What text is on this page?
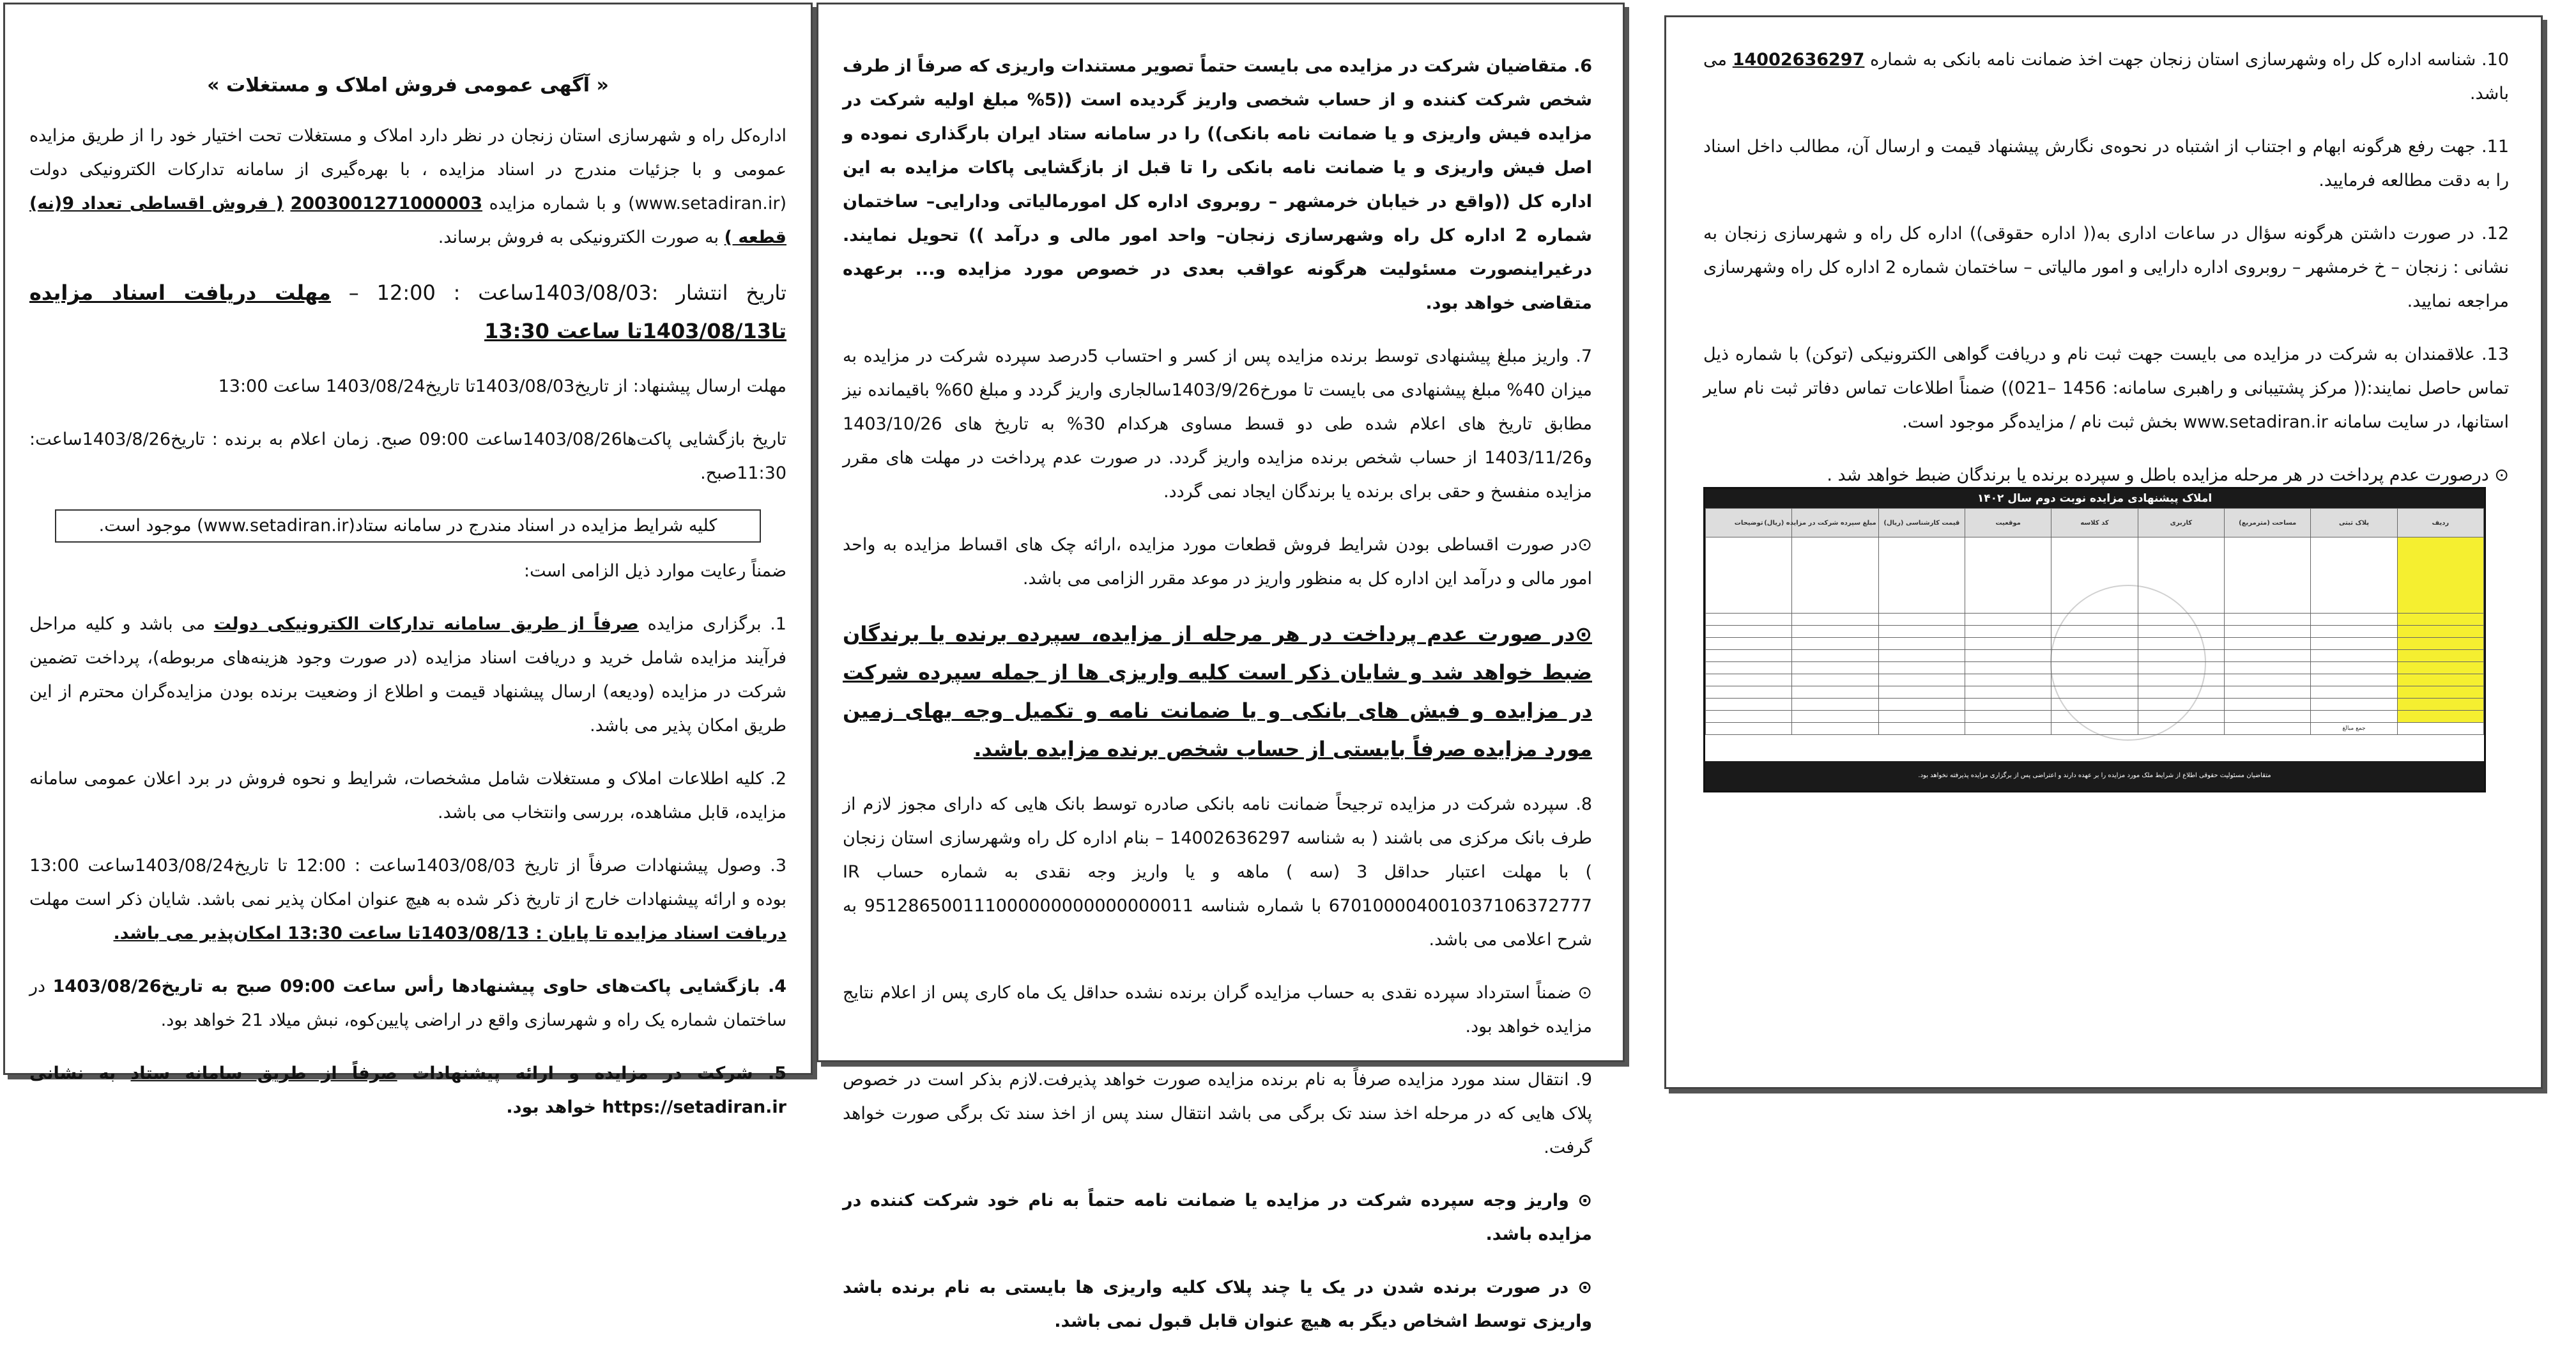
« آگهی عمومی فروش املاک و مستغلات »

اداره‌کل راه و شهرسازی استان زنجان در نظر دارد املاک و مستغلات تحت اختیار خود را از طریق مزایده عمومی و با جزئیات مندرج در اسناد مزایده ، با بهره‌گیری از سامانه تدارکات الکترونیکی دولت (www.setadiran.ir) و با شماره مزایده 2003001271000003 ( فروش اقساطی تعداد 9(نه) قطعه ) به صورت الکترونیکی به فروش برساند.

تاریخ انتشار :1403/08/03ساعت : 12:00 – مهلت دریافت اسناد مزایده تا1403/08/13تا ساعت 13:30

مهلت ارسال پیشنهاد: از تاریخ1403/08/03تا تاریخ1403/08/24 ساعت 13:00

تاریخ بازگشایی پاکت‌ها1403/08/26ساعت 09:00 صبح. زمان اعلام به برنده : تاریخ1403/8/26ساعت: 11:30صبح.

کلیه شرایط مزایده در اسناد مندرج در سامانه ستاد(www.setadiran.ir) موجود است.

ضمناً رعایت موارد ذیل الزامی است:

1. برگزاری مزایده صرفاً از طریق سامانه تدارکات الکترونیکی دولت می باشد و کلیه مراحل فرآیند مزایده شامل خرید و دریافت اسناد مزایده (در صورت وجود هزینه‌های مربوطه)، پرداخت تضمین شرکت در مزایده (ودیعه) ارسال پیشنهاد قیمت و اطلاع از وضعیت برنده بودن مزایده‌گران محترم از این طریق امکان پذیر می باشد.

2. کلیه اطلاعات املاک و مستغلات شامل مشخصات، شرایط و نحوه فروش در برد اعلان عمومی سامانه مزایده، قابل مشاهده، بررسی وانتخاب می باشد.

3. وصول پیشنهادات صرفاً از تاریخ 1403/08/03ساعت : 12:00 تا تاریخ1403/08/24ساعت 13:00 بوده و ارائه پیشنهادات خارج از تاریخ ذکر شده به هیچ عنوان امکان پذیر نمی باشد. شایان ذکر است مهلت دریافت اسناد مزایده تا پایان : 1403/08/13تا ساعت 13:30 امکان‌پذیر می باشد.

4. بازگشایی پاکت‌های حاوی پیشنهادها رأس ساعت 09:00 صبح به تاریخ1403/08/26 در ساختمان شماره یک راه و شهرسازی واقع در اراضی پایین‌کوه، نبش میلاد 21 خواهد بود.

5. شرکت در مزایده و ارائه پیشنهادات صرفاً از طریق سامانه ستاد به نشانی https://setadiran.ir خواهد بود.

6. متقاضیان شرکت در مزایده می بایست حتماً تصویر مستندات واریزی که صرفاً از طرف شخص شرکت کننده و از حساب شخصی واریز گردیده است ((5% مبلغ اولیه شرکت در مزایده فیش واریزی و یا ضمانت نامه بانکی)) را در سامانه ستاد ایران بارگذاری نموده و اصل فیش واریزی و یا ضمانت نامه بانکی را تا قبل از بازگشایی پاکات مزایده به این اداره کل ((واقع در خیابان خرمشهر – روبروی اداره کل امورمالیاتی ودارایی– ساختمان شماره 2 اداره کل راه وشهرسازی زنجان– واحد امور مالی و درآمد )) تحویل نمایند. درغیراینصورت مسئولیت هرگونه عواقب بعدی در خصوص مورد مزایده و... برعهده متقاضی خواهد بود.

7. واریز مبلغ پیشنهادی توسط برنده مزایده پس از کسر و احتساب 5درصد سپرده شرکت در مزایده به میزان 40% مبلغ پیشنهادی می بایست تا مورخ1403/9/26سالجاری واریز گردد و مبلغ 60% باقیمانده نیز مطابق تاریخ های اعلام شده طی دو قسط مساوی هرکدام 30% به تاریخ های 1403/10/26 و1403/11/26 از حساب شخص برنده مزایده واریز گردد. در صورت عدم پرداخت در مهلت های مقرر مزایده منفسخ و حقی برای برنده یا برندگان ایجاد نمی گردد.

⊙در صورت اقساطی بودن شرایط فروش قطعات مورد مزایده ،ارائه چک های اقساط مزایده به واحد امور مالی و درآمد این اداره کل به منظور واریز در موعد مقرر الزامی می باشد.

⊙در صورت عدم پرداخت در هر مرحله از مزایده، سپرده برنده یا برندگان ضبط خواهد شد و شایان ذکر است کلیه واریزی ها از جمله سپرده شرکت در مزایده و فیش های بانکی و یا ضمانت نامه و تکمیل وجه بهای زمین مورد مزایده صرفاً بایستی از حساب شخص برنده مزایده باشد.

8. سپرده شرکت در مزایده ترجیحاً ضمانت نامه بانکی صادره توسط بانک هایی که دارای مجوز لازم از طرف بانک مرکزی می باشند ( به شناسه 14002636297 – بنام اداره کل راه وشهرسازی استان زنجان ) با مهلت اعتبار حداقل 3 (سه ) ماهه و یا واریز وجه نقدی به شماره حساب IR 670100004001037106372777 با شماره شناسه 951286500111000000000000000011 به شرح اعلامی می باشد.

⊙ ضمناً استرداد سپرده نقدی به حساب مزایده گران برنده نشده حداقل یک ماه کاری پس از اعلام نتایج مزایده خواهد بود.

9. انتقال سند مورد مزایده صرفاً به نام برنده مزایده صورت خواهد پذیرفت.لازم بذکر است در خصوص پلاک هایی که در مرحله اخذ سند تک برگی می باشد انتقال سند پس از اخذ سند تک برگی صورت خواهد گرفت.

⊙ واریز وجه سپرده شرکت در مزایده یا ضمانت نامه حتماً به نام خود شرکت کننده در مزایده باشد.

⊙ در صورت برنده شدن در یک یا چند پلاک کلیه واریزی ها بایستی به نام برنده باشد واریزی توسط اشخاص دیگر به هیچ عنوان قابل قبول نمی باشد.

10. شناسه اداره کل راه وشهرسازی استان زنجان جهت اخذ ضمانت نامه بانکی به شماره 14002636297 می باشد.

11. جهت رفع هرگونه ابهام و اجتناب از اشتباه در نحوه‌ی نگارش پیشنهاد قیمت و ارسال آن، مطالب داخل اسناد را به دقت مطالعه فرمایید.

12. در صورت داشتن هرگونه سؤال در ساعات اداری به(( اداره حقوقی)) اداره کل راه و شهرسازی زنجان به نشانی : زنجان – خ خرمشهر – روبروی اداره دارایی و امور مالیاتی – ساختمان شماره 2 اداره کل راه وشهرسازی مراجعه نمایید.

13. علاقمندان به شرکت در مزایده می بایست جهت ثبت نام و دریافت گواهی الکترونیکی (توکن) با شماره ذیل تماس حاصل نمایند:(( مرکز پشتیبانی و راهبری سامانه: 1456 –021)) ضمناً اطلاعات تماس دفاتر ثبت نام سایر استانها، در سایت سامانه www.setadiran.ir بخش ثبت نام / مزایده‌گر موجود است.

⊙ درصورت عدم پرداخت در هر مرحله مزایده باطل و سپرده برنده یا برندگان ضبط خواهد شد .

املاک پیشنهادی مزایده نوبت دوم سال ۱۴۰۲
ردیف	پلاک ثبتی	مساحت (مترمربع)	کاربری	کد کلاسه	موقعیت	قیمت کارشناسی (ریال)	مبلغ سپرده شرکت در مزایده (ریال)	توضیحات

	جمع مبالغ							
متقاضیان مسئولیت حقوقی اطلاع از شرایط ملک مورد مزایده را بر عهده دارند و اعتراضی پس از برگزاری مزایده پذیرفته نخواهد بود.
